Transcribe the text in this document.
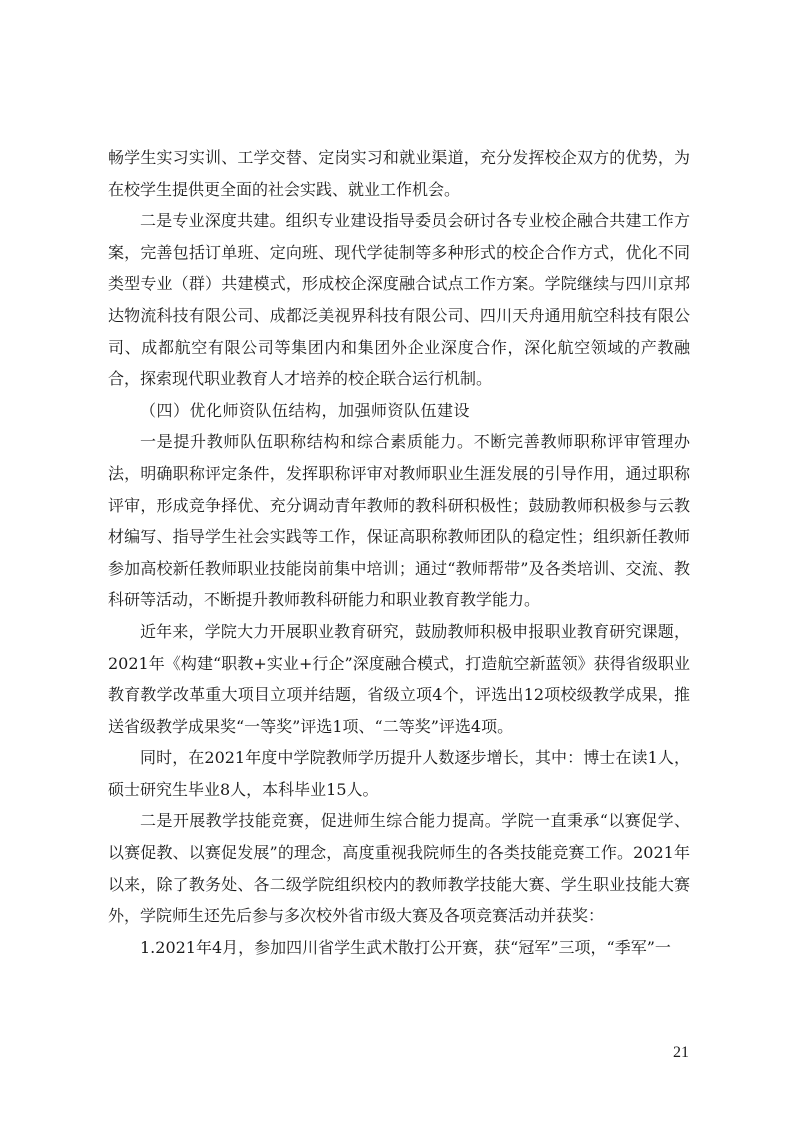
畅学生实习实训、工学交替、定岗实习和就业渠道，充分发挥校企双方的优势，为在校学生提供更全面的社会实践、就业工作机会。

二是专业深度共建。组织专业建设指导委员会研讨各专业校企融合共建工作方案，完善包括订单班、定向班、现代学徒制等多种形式的校企合作方式，优化不同类型专业（群）共建模式，形成校企深度融合试点工作方案。学院继续与四川京邦达物流科技有限公司、成都泛美视界科技有限公司、四川天舟通用航空科技有限公司、成都航空有限公司等集团内和集团外企业深度合作，深化航空领域的产教融合，探索现代职业教育人才培养的校企联合运行机制。

（四）优化师资队伍结构，加强师资队伍建设

一是提升教师队伍职称结构和综合素质能力。不断完善教师职称评审管理办法，明确职称评定条件，发挥职称评审对教师职业生涯发展的引导作用，通过职称评审，形成竞争择优、充分调动青年教师的教科研积极性；鼓励教师积极参与云教材编写、指导学生社会实践等工作，保证高职称教师团队的稳定性；组织新任教师参加高校新任教师职业技能岗前集中培训；通过“教师帮带”及各类培训、交流、教科研等活动，不断提升教师教科研能力和职业教育教学能力。

近年来，学院大力开展职业教育研究，鼓励教师积极申报职业教育研究课题，2021年《构建“职教+实业+行企”深度融合模式，打造航空新蓝领》获得省级职业教育教学改革重大项目立项并结题，省级立项4个，评选出12项校级教学成果，推送省级教学成果奖“一等奖”评选1项、“二等奖”评选4项。

同时，在2021年度中学院教师学历提升人数逐步增长，其中：博士在读1人，硕士研究生毕业8人，本科毕业15人。

二是开展教学技能竞赛，促进师生综合能力提高。学院一直秉承“以赛促学、以赛促教、以赛促发展”的理念，高度重视我院师生的各类技能竞赛工作。2021年以来，除了教务处、各二级学院组织校内的教师教学技能大赛、学生职业技能大赛外，学院师生还先后参与多次校外省市级大赛及各项竞赛活动并获奖：

1.2021年4月，参加四川省学生武术散打公开赛，获“冠军”三项，“季军”一

21
